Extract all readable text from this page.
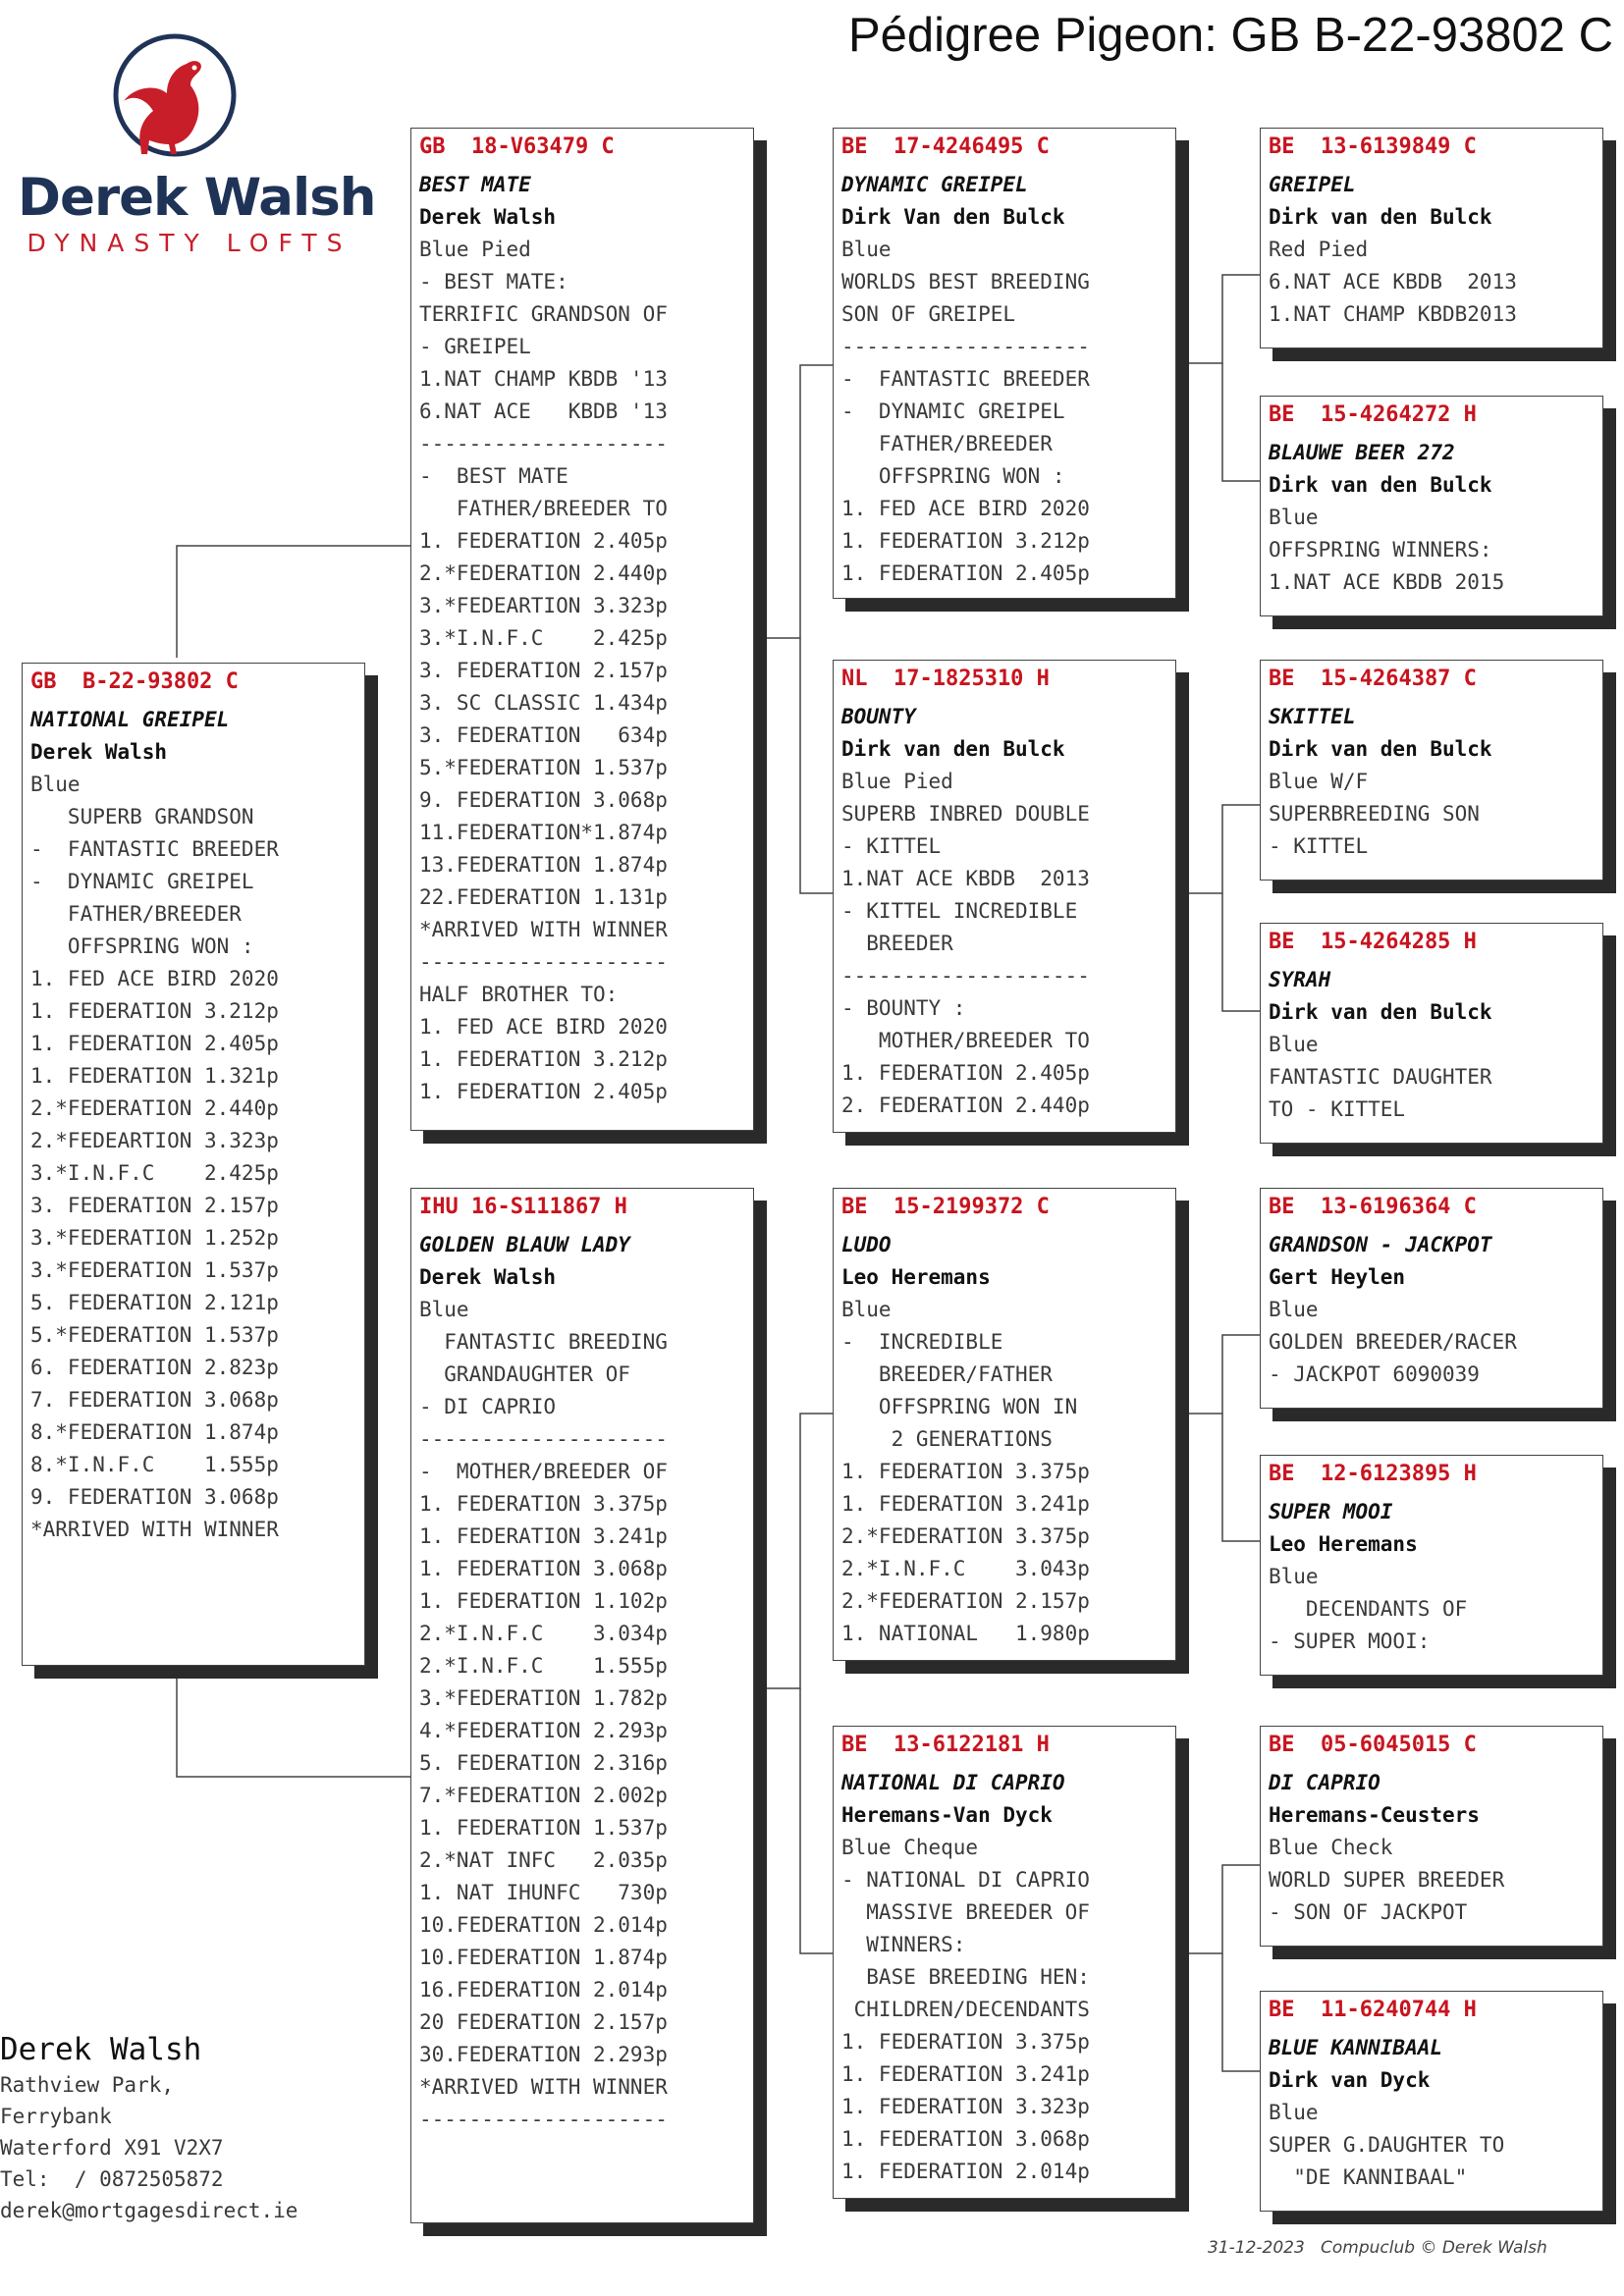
Pédigree Pigeon: GB B-22-93802 C
Derek Walsh
DYNASTY LOFTS
GB  B-22-93802 C
NATIONAL GREIPEL
Derek Walsh
Blue
SUPERB GRANDSON
-  FANTASTIC BREEDER
-  DYNAMIC GREIPEL
FATHER/BREEDER
OFFSPRING WON :
1. FED ACE BIRD 2020
1. FEDERATION 3.212p
1. FEDERATION 2.405p
1. FEDERATION 1.321p
2.*FEDERATION 2.440p
2.*FEDEARTION 3.323p
3.*I.N.F.C    2.425p
3. FEDERATION 2.157p
3.*FEDERATION 1.252p
3.*FEDERATION 1.537p
5. FEDERATION 2.121p
5.*FEDERATION 1.537p
6. FEDERATION 2.823p
7. FEDERATION 3.068p
8.*FEDERATION 1.874p
8.*I.N.F.C    1.555p
9. FEDERATION 3.068p
*ARRIVED WITH WINNER
GB  18-V63479 C
BEST MATE
Derek Walsh
Blue Pied
- BEST MATE:
TERRIFIC GRANDSON OF
- GREIPEL
1.NAT CHAMP KBDB '13
6.NAT ACE   KBDB '13
--------------------
-  BEST MATE
FATHER/BREEDER TO
1. FEDERATION 2.405p
2.*FEDERATION 2.440p
3.*FEDEARTION 3.323p
3.*I.N.F.C    2.425p
3. FEDERATION 2.157p
3. SC CLASSIC 1.434p
3. FEDERATION   634p
5.*FEDERATION 1.537p
9. FEDERATION 3.068p
11.FEDERATION*1.874p
13.FEDERATION 1.874p
22.FEDERATION 1.131p
*ARRIVED WITH WINNER
--------------------
HALF BROTHER TO:
1. FED ACE BIRD 2020
1. FEDERATION 3.212p
1. FEDERATION 2.405p
IHU 16-S111867 H
GOLDEN BLAUW LADY
Derek Walsh
Blue
FANTASTIC BREEDING
GRANDAUGHTER OF
- DI CAPRIO
--------------------
-  MOTHER/BREEDER OF
1. FEDERATION 3.375p
1. FEDERATION 3.241p
1. FEDERATION 3.068p
1. FEDERATION 1.102p
2.*I.N.F.C    3.034p
2.*I.N.F.C    1.555p
3.*FEDERATION 1.782p
4.*FEDERATION 2.293p
5. FEDERATION 2.316p
7.*FEDERATION 2.002p
1. FEDERATION 1.537p
2.*NAT INFC   2.035p
1. NAT IHUNFC   730p
10.FEDERATION 2.014p
10.FEDERATION 1.874p
16.FEDERATION 2.014p
20 FEDERATION 2.157p
30.FEDERATION 2.293p
*ARRIVED WITH WINNER
--------------------
BE  17-4246495 C
DYNAMIC GREIPEL
Dirk Van den Bulck
Blue
WORLDS BEST BREEDING
SON OF GREIPEL
--------------------
-  FANTASTIC BREEDER
-  DYNAMIC GREIPEL
FATHER/BREEDER
OFFSPRING WON :
1. FED ACE BIRD 2020
1. FEDERATION 3.212p
1. FEDERATION 2.405p
NL  17-1825310 H
BOUNTY
Dirk van den Bulck
Blue Pied
SUPERB INBRED DOUBLE
- KITTEL
1.NAT ACE KBDB  2013
- KITTEL INCREDIBLE
BREEDER
--------------------
- BOUNTY :
MOTHER/BREEDER TO
1. FEDERATION 2.405p
2. FEDERATION 2.440p
BE  15-2199372 C
LUDO
Leo Heremans
Blue
-  INCREDIBLE
BREEDER/FATHER
OFFSPRING WON IN
2 GENERATIONS
1. FEDERATION 3.375p
1. FEDERATION 3.241p
2.*FEDERATION 3.375p
2.*I.N.F.C    3.043p
2.*FEDERATION 2.157p
1. NATIONAL   1.980p
BE  13-6122181 H
NATIONAL DI CAPRIO
Heremans-Van Dyck
Blue Cheque
- NATIONAL DI CAPRIO
MASSIVE BREEDER OF
WINNERS:
BASE BREEDING HEN:
CHILDREN/DECENDANTS
1. FEDERATION 3.375p
1. FEDERATION 3.241p
1. FEDERATION 3.323p
1. FEDERATION 3.068p
1. FEDERATION 2.014p
BE  13-6139849 C
GREIPEL
Dirk van den Bulck
Red Pied
6.NAT ACE KBDB  2013
1.NAT CHAMP KBDB2013
BE  15-4264272 H
BLAUWE BEER 272
Dirk van den Bulck
Blue
OFFSPRING WINNERS:
1.NAT ACE KBDB 2015
BE  15-4264387 C
SKITTEL
Dirk van den Bulck
Blue W/F
SUPERBREEDING SON
- KITTEL
BE  15-4264285 H
SYRAH
Dirk van den Bulck
Blue
FANTASTIC DAUGHTER
TO - KITTEL
BE  13-6196364 C
GRANDSON - JACKPOT
Gert Heylen
Blue
GOLDEN BREEDER/RACER
- JACKPOT 6090039
BE  12-6123895 H
SUPER MOOI
Leo Heremans
Blue
DECENDANTS OF
- SUPER MOOI:
BE  05-6045015 C
DI CAPRIO
Heremans-Ceusters
Blue Check
WORLD SUPER BREEDER
- SON OF JACKPOT
BE  11-6240744 H
BLUE KANNIBAAL
Dirk van Dyck
Blue
SUPER G.DAUGHTER TO
"DE KANNIBAAL"
Derek Walsh
Rathview Park,
Ferrybank
Waterford X91 V2X7
Tel:  / 0872505872
derek@mortgagesdirect.ie
31-12-2023   Compuclub © Derek Walsh
